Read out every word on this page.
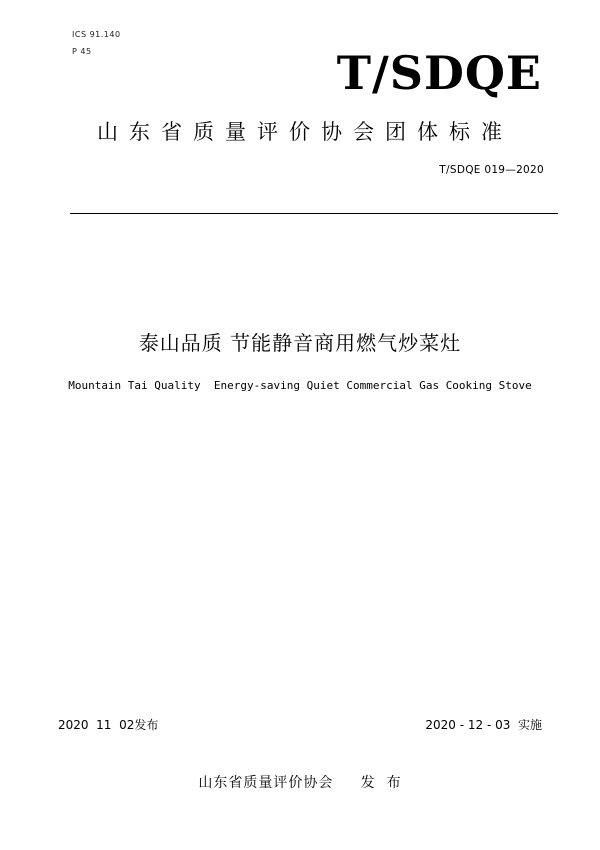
ICS 91.140
P 45	T/SDQE
山东省质量评价协会团体标准
T/SDQE 019—2020
泰山品质 节能静音商用燃气炒菜灶
Mountain Tai Quality  Energy-saving Quiet Commercial Gas Cooking Stove
2020  11  02发布	2020 - 12 - 03  实施
山东省质量评价协会     发  布
